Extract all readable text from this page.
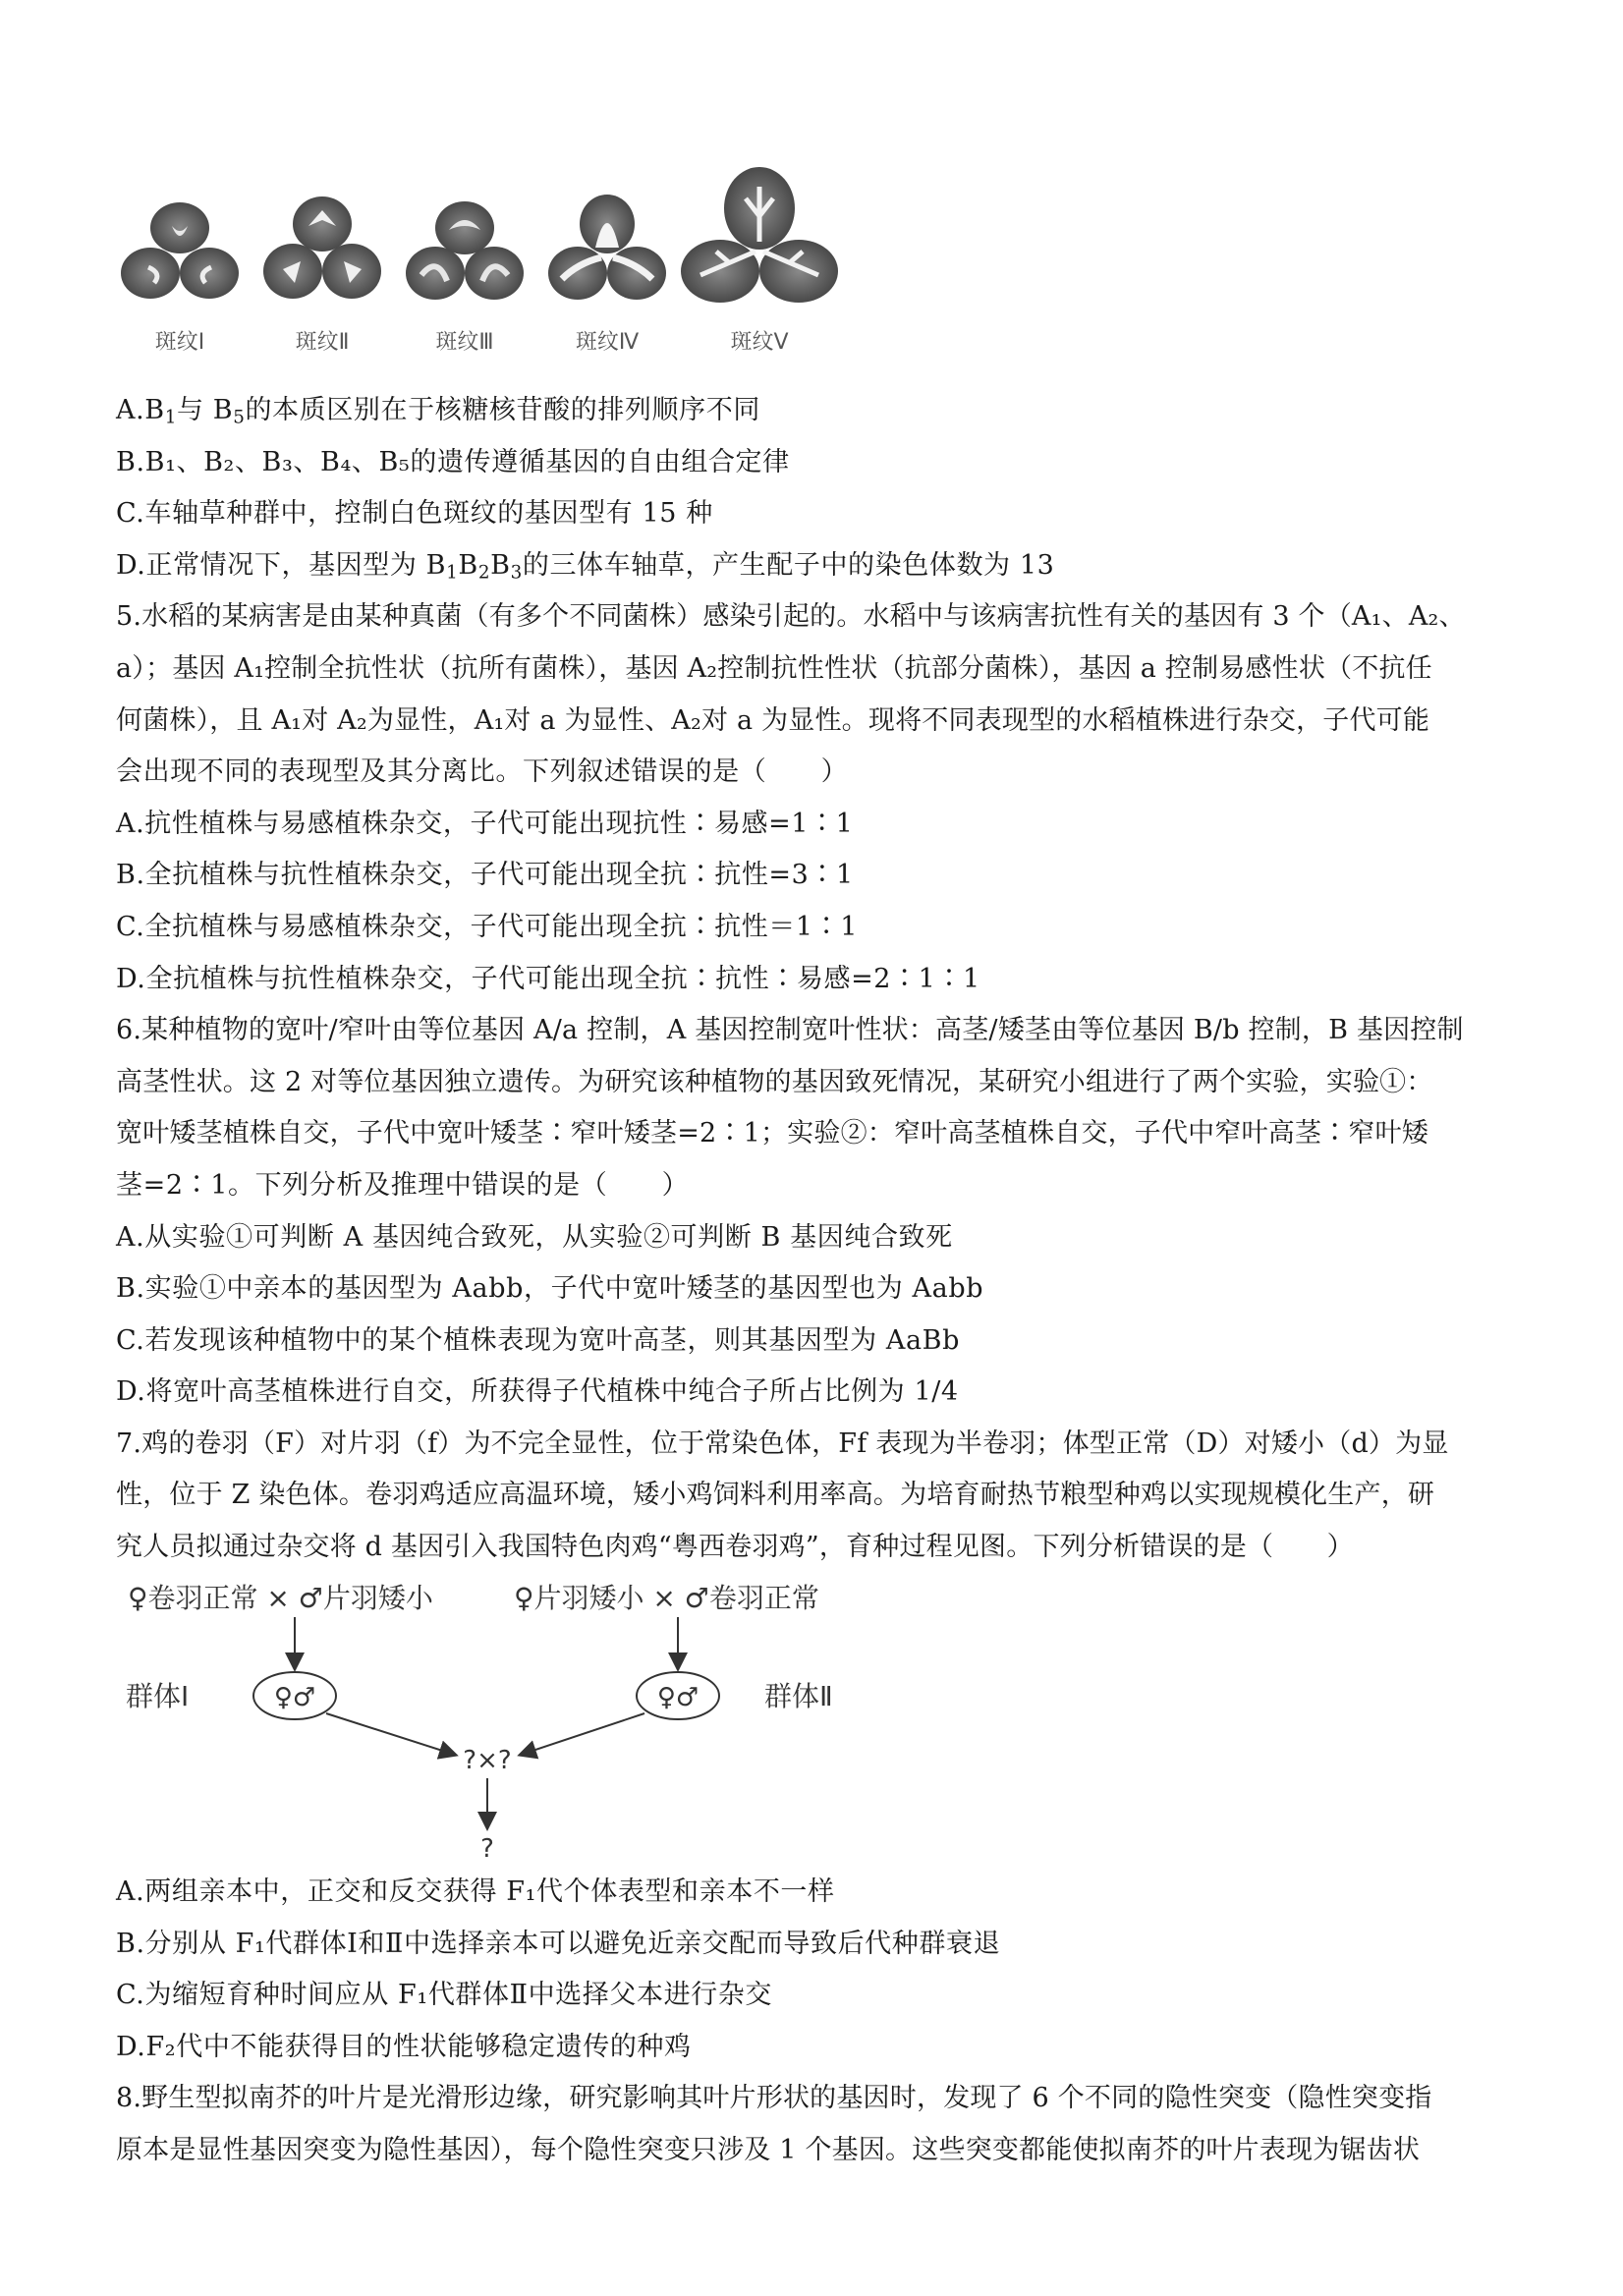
斑纹Ⅰ	斑纹Ⅱ	斑纹Ⅲ	斑纹Ⅳ	斑纹Ⅴ
$A.B_1$与 $B_5$的本质区别在于核糖核苷酸的排列顺序不同
B.B₁、B₂、B₃、B₄、B₅的遗传遵循基因的自由组合定律
C.车轴草种群中，控制白色斑纹的基因型有 15 种
D.正常情况下，基因型为 $B_1B_2B_3$的三体车轴草，产生配子中的染色体数为 13
5.水稻的某病害是由某种真菌（有多个不同菌株）感染引起的。水稻中与该病害抗性有关的基因有 3 个（A₁、A₂、
a）；基因 A₁控制全抗性状（抗所有菌株），基因 A₂控制抗性性状（抗部分菌株），基因 a 控制易感性状（不抗任
何菌株），且 A₁对 A₂为显性，A₁对 a 为显性、A₂对 a 为显性。现将不同表现型的水稻植株进行杂交，子代可能
会出现不同的表现型及其分离比。下列叙述错误的是（　　）
A.抗性植株与易感植株杂交，子代可能出现抗性∶易感=1∶1
B.全抗植株与抗性植株杂交，子代可能出现全抗∶抗性=3∶1
C.全抗植株与易感植株杂交，子代可能出现全抗∶抗性＝1∶1
D.全抗植株与抗性植株杂交，子代可能出现全抗∶抗性∶易感=2∶1∶1
6.某种植物的宽叶/窄叶由等位基因 A/a 控制，A 基因控制宽叶性状：高茎/矮茎由等位基因 B/b 控制，B 基因控制
高茎性状。这 2 对等位基因独立遗传。为研究该种植物的基因致死情况，某研究小组进行了两个实验，实验①：
宽叶矮茎植株自交，子代中宽叶矮茎∶窄叶矮茎=2∶1；实验②：窄叶高茎植株自交，子代中窄叶高茎∶窄叶矮
茎=2∶1。下列分析及推理中错误的是（　　）
A.从实验①可判断 A 基因纯合致死，从实验②可判断 B 基因纯合致死
B.实验①中亲本的基因型为 Aabb，子代中宽叶矮茎的基因型也为 Aabb
C.若发现该种植物中的某个植株表现为宽叶高茎，则其基因型为 AaBb
D.将宽叶高茎植株进行自交，所获得子代植株中纯合子所占比例为 1/4
7.鸡的卷羽（F）对片羽（f）为不完全显性，位于常染色体，Ff 表现为半卷羽；体型正常（D）对矮小（d）为显
性，位于 Z 染色体。卷羽鸡适应高温环境，矮小鸡饲料利用率高。为培育耐热节粮型种鸡以实现规模化生产，研
究人员拟通过杂交将 d 基因引入我国特色肉鸡“粤西卷羽鸡”，育种过程见图。下列分析错误的是（　　）
♀卷羽正常 × ♂片羽矮小	♀片羽矮小 × ♂卷羽正常
群体Ⅰ	群体Ⅱ
♀♂	♀♂
?×?
?
A.两组亲本中，正交和反交获得 F₁代个体表型和亲本不一样
B.分别从 F₁代群体Ⅰ和Ⅱ中选择亲本可以避免近亲交配而导致后代种群衰退
C.为缩短育种时间应从 F₁代群体Ⅱ中选择父本进行杂交
D.F₂代中不能获得目的性状能够稳定遗传的种鸡
8.野生型拟南芥的叶片是光滑形边缘，研究影响其叶片形状的基因时，发现了 6 个不同的隐性突变（隐性突变指
原本是显性基因突变为隐性基因），每个隐性突变只涉及 1 个基因。这些突变都能使拟南芥的叶片表现为锯齿状
